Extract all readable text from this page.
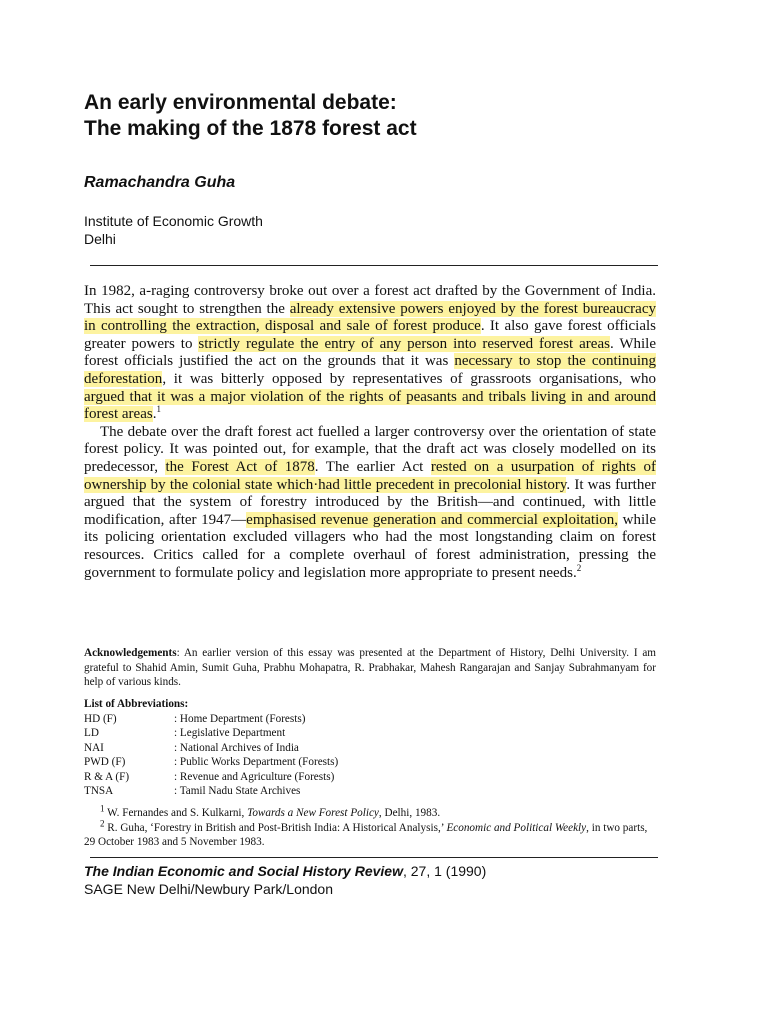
An early environmental debate:
The making of the 1878 forest act
Ramachandra Guha
Institute of Economic Growth
Delhi

In 1982, a-raging controversy broke out over a forest act drafted by the Government of India. This act sought to strengthen the already extensive powers enjoyed by the forest bureaucracy in controlling the extraction, disposal and sale of forest produce. It also gave forest officials greater powers to strictly regulate the entry of any person into reserved forest areas. While forest officials justified the act on the grounds that it was necessary to stop the continuing deforestation, it was bitterly opposed by representatives of grassroots organisations, who argued that it was a major violation of the rights of peasants and tribals living in and around forest areas.$^1$

The debate over the draft forest act fuelled a larger controversy over the orientation of state forest policy. It was pointed out, for example, that the draft act was closely modelled on its predecessor, the Forest Act of 1878. The earlier Act rested on a usurpation of rights of ownership by the colonial state which·had little precedent in precolonial history. It was further argued that the system of forestry introduced by the British—and continued, with little modification, after 1947—emphasised revenue generation and commercial exploitation, while its policing orientation excluded villagers who had the most longstanding claim on forest resources. Critics called for a complete overhaul of forest administration, pressing the government to formulate policy and legislation more appropriate to present needs.$^2$

Acknowledgements: An earlier version of this essay was presented at the Department of History, Delhi University. I am grateful to Shahid Amin, Sumit Guha, Prabhu Mohapatra, R. Prabhakar, Mahesh Rangarajan and Sanjay Subrahmanyam for help of various kinds.
List of Abbreviations:
HD (F)	: Home Department (Forests)
LD	: Legislative Department
NAI	: National Archives of India
PWD (F)	: Public Works Department (Forests)
R & A (F)	: Revenue and Agriculture (Forests)
TNSA	: Tamil Nadu State Archives
$^1$ W. Fernandes and S. Kulkarni, Towards a New Forest Policy, Delhi, 1983.
$^2$ R. Guha, ‘Forestry in British and Post-British India: A Historical Analysis,’ Economic and Political Weekly, in two parts, 29 October 1983 and 5 November 1983.
The Indian Economic and Social History Review, 27, 1 (1990)
SAGE New Delhi/Newbury Park/London
